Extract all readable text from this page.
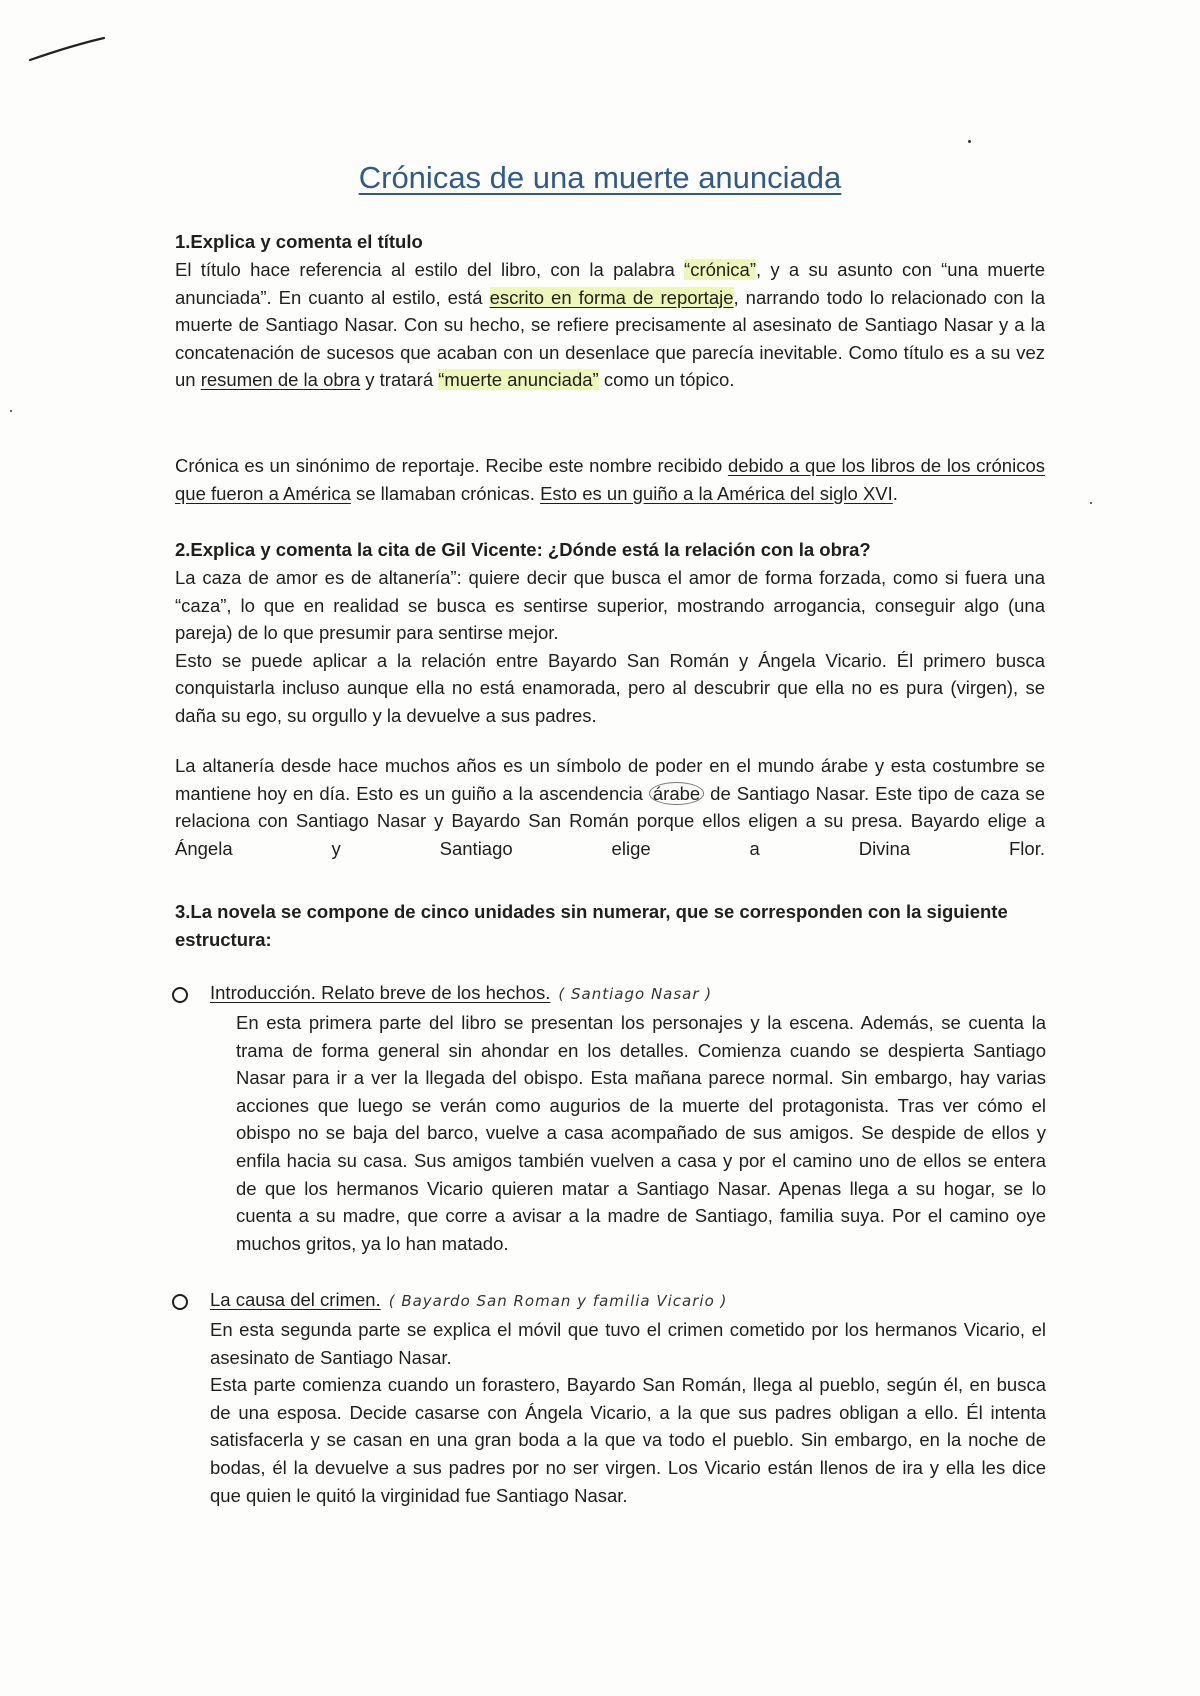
Crónicas de una muerte anunciada
1.Explica y comenta el título
El título hace referencia al estilo del libro, con la palabra “crónica”, y a su asunto con “una muerte anunciada”. En cuanto al estilo, está escrito en forma de reportaje, narrando todo lo relacionado con la muerte de Santiago Nasar. Con su hecho, se refiere precisamente al asesinato de Santiago Nasar y a la concatenación de sucesos que acaban con un desenlace que parecía inevitable. Como título es a su vez un resumen de la obra y tratará “muerte anunciada” como un tópico.
Crónica es un sinónimo de reportaje. Recibe este nombre recibido debido a que los libros de los crónicos que fueron a América se llamaban crónicas. Esto es un guiño a la América del siglo XVI.
2.Explica y comenta la cita de Gil Vicente: ¿Dónde está la relación con la obra?
La caza de amor es de altanería”: quiere decir que busca el amor de forma forzada, como si fuera una “caza”, lo que en realidad se busca es sentirse superior, mostrando arrogancia, conseguir algo (una pareja) de lo que presumir para sentirse mejor.
Esto se puede aplicar a la relación entre Bayardo San Román y Ángela Vicario. Él primero busca conquistarla incluso aunque ella no está enamorada, pero al descubrir que ella no es pura (virgen), se daña su ego, su orgullo y la devuelve a sus padres.
La altanería desde hace muchos años es un símbolo de poder en el mundo árabe y esta costumbre se mantiene hoy en día. Esto es un guiño a la ascendencia árabe de Santiago Nasar. Este tipo de caza se relaciona con Santiago Nasar y Bayardo San Román porque ellos eligen a su presa. Bayardo elige a Ángela y Santiago elige a Divina Flor.
3.La novela se compone de cinco unidades sin numerar, que se corresponden con la siguiente estructura:
Introducción. Relato breve de los hechos. ( Santiago Nasar )
En esta primera parte del libro se presentan los personajes y la escena. Además, se cuenta la trama de forma general sin ahondar en los detalles. Comienza cuando se despierta Santiago Nasar para ir a ver la llegada del obispo. Esta mañana parece normal. Sin embargo, hay varias acciones que luego se verán como augurios de la muerte del protagonista. Tras ver cómo el obispo no se baja del barco, vuelve a casa acompañado de sus amigos. Se despide de ellos y enfila hacia su casa. Sus amigos también vuelven a casa y por el camino uno de ellos se entera de que los hermanos Vicario quieren matar a Santiago Nasar. Apenas llega a su hogar, se lo cuenta a su madre, que corre a avisar a la madre de Santiago, familia suya. Por el camino oye muchos gritos, ya lo han matado.
La causa del crimen. ( Bayardo San Roman y familia Vicario )
En esta segunda parte se explica el móvil que tuvo el crimen cometido por los hermanos Vicario, el asesinato de Santiago Nasar.
Esta parte comienza cuando un forastero, Bayardo San Román, llega al pueblo, según él, en busca de una esposa. Decide casarse con Ángela Vicario, a la que sus padres obligan a ello. Él intenta satisfacerla y se casan en una gran boda a la que va todo el pueblo. Sin embargo, en la noche de bodas, él la devuelve a sus padres por no ser virgen. Los Vicario están llenos de ira y ella les dice que quien le quitó la virginidad fue Santiago Nasar.
